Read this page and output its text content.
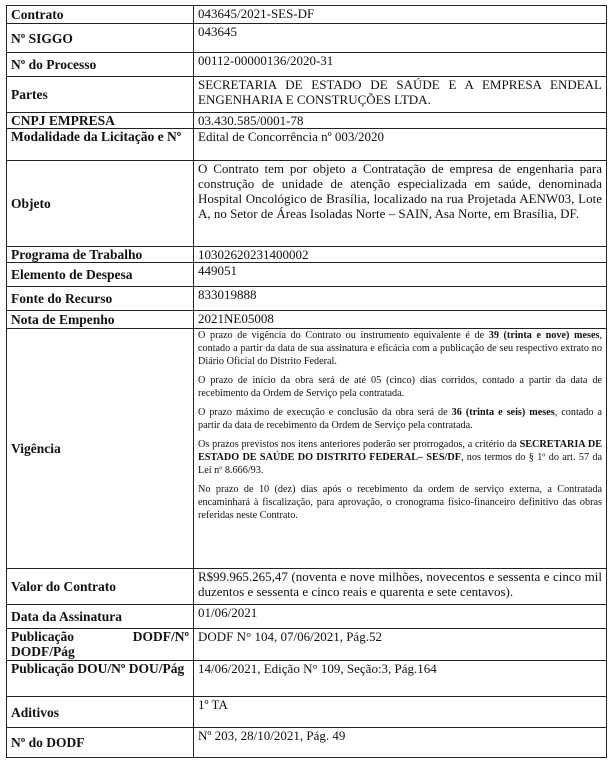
Contrato	043645/2021-SES-DF
Nº SIGGO	043645
Nº do Processo	00112-00000136/2020-31
Partes	SECRETARIA DE ESTADO DE SAÚDE E A EMPRESA ENDEAL ENGENHARIA E CONSTRUÇÕES LTDA.
CNPJ EMPRESA	03.430.585/0001-78
Modalidade da Licitação e Nº	Edital de Concorrência nº 003/2020
Objeto	O Contrato tem por objeto a Contratação de empresa de engenharia para construção de unidade de atenção especializada em saúde, denominada Hospital Oncológico de Brasília, localizado na rua Projetada AENW03, Lote A, no Setor de Áreas Isoladas Norte – SAIN, Asa Norte, em Brasília, DF.
Programa de Trabalho	10302620231400002
Elemento de Despesa	449051
Fonte do Recurso	833019888
Nota de Empenho	2021NE05008
Vigência	O prazo de vigência do Contrato ou instrumento equivalente é de 39 (trinta e nove) meses, contado a partir da data de sua assinatura e eficácia com a publicação de seu respectivo extrato no Diário Oficial do Distrito Federal.

O prazo de início da obra será de até 05 (cinco) dias corridos, contado a partir da data de recebimento da Ordem de Serviço pela contratada.

O prazo máximo de execução e conclusão da obra será de 36 (trinta e seis) meses, contado a partir da data de recebimento da Ordem de Serviço pela contratada.

Os prazos previstos nos itens anteriores poderão ser prorrogados, a critério da SECRETARIA DE ESTADO DE SAÚDE DO DISTRITO FEDERAL– SES/DF, nos termos do § 1º do art. 57 da Lei nº 8.666/93.

No prazo de 10 (dez) dias após o recebimento da ordem de serviço externa, a Contratada encaminhará à fiscalização, para aprovação, o cronograma físico-financeiro definitivo das obras referidas neste Contrato.

Valor do Contrato	R$99.965.265,47 (noventa e nove milhões, novecentos e sessenta e cinco mil duzentos e sessenta e cinco reais e quarenta e sete centavos).
Data da Assinatura	01/06/2021
Publicação DODF/Nº DODF/Pág	DODF N° 104, 07/06/2021, Pág.52
Publicação DOU/Nº DOU/Pág	14/06/2021, Edição N° 109, Seção:3, Pág.164
Aditivos	1º TA
Nº do DODF	Nº 203, 28/10/2021, Pág. 49
